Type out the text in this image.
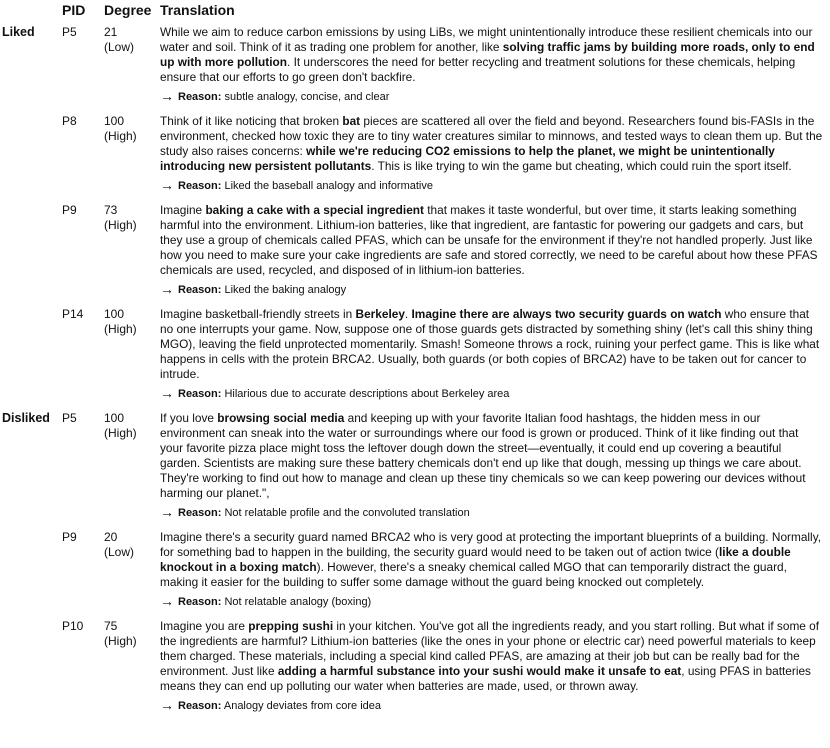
PID Degree Translation
Liked P5 21
(Low)
While we aim to reduce carbon emissions by using LiBs, we might unintentionally introduce these resilient chemicals into our water and soil. Think of it as trading one problem for another, like solving traffic jams by building more roads, only to end up with more pollution. It underscores the need for better recycling and treatment solutions for these chemicals, helping ensure that our efforts to go green don't backfire.
→ Reason: subtle analogy, concise, and clear
P8 100
(High)
Think of it like noticing that broken bat pieces are scattered all over the field and beyond. Researchers found bis-FASIs in the environment, checked how toxic they are to tiny water creatures similar to minnows, and tested ways to clean them up. But the study also raises concerns: while we're reducing CO2 emissions to help the planet, we might be unintentionally introducing new persistent pollutants. This is like trying to win the game but cheating, which could ruin the sport itself.
→ Reason: Liked the baseball analogy and informative
P9 73
(High)
Imagine baking a cake with a special ingredient that makes it taste wonderful, but over time, it starts leaking something harmful into the environment. Lithium-ion batteries, like that ingredient, are fantastic for powering our gadgets and cars, but they use a group of chemicals called PFAS, which can be unsafe for the environment if they're not handled properly. Just like how you need to make sure your cake ingredients are safe and stored correctly, we need to be careful about how these PFAS chemicals are used, recycled, and disposed of in lithium-ion batteries.
→ Reason: Liked the baking analogy
P14 100
(High)
Imagine basketball-friendly streets in Berkeley. Imagine there are always two security guards on watch who ensure that no one interrupts your game. Now, suppose one of those guards gets distracted by something shiny (let's call this shiny thing MGO), leaving the field unprotected momentarily. Smash! Someone throws a rock, ruining your perfect game. This is like what happens in cells with the protein BRCA2. Usually, both guards (or both copies of BRCA2) have to be taken out for cancer to intrude.
→ Reason: Hilarious due to accurate descriptions about Berkeley area
Disliked P5 100
(High)
If you love browsing social media and keeping up with your favorite Italian food hashtags, the hidden mess in our environment can sneak into the water or surroundings where our food is grown or produced. Think of it like finding out that your favorite pizza place might toss the leftover dough down the street—eventually, it could end up covering a beautiful garden. Scientists are making sure these battery chemicals don't end up like that dough, messing up things we care about. They're working to find out how to manage and clean up these tiny chemicals so we can keep powering our devices without harming our planet.",
→ Reason: Not relatable profile and the convoluted translation
P9 20
(Low)
Imagine there's a security guard named BRCA2 who is very good at protecting the important blueprints of a building. Normally, for something bad to happen in the building, the security guard would need to be taken out of action twice (like a double knockout in a boxing match). However, there's a sneaky chemical called MGO that can temporarily distract the guard, making it easier for the building to suffer some damage without the guard being knocked out completely.
→ Reason: Not relatable analogy (boxing)
P10 75
(High)
Imagine you are prepping sushi in your kitchen. You've got all the ingredients ready, and you start rolling. But what if some of the ingredients are harmful? Lithium-ion batteries (like the ones in your phone or electric car) need powerful materials to keep them charged. These materials, including a special kind called PFAS, are amazing at their job but can be really bad for the environment. Just like adding a harmful substance into your sushi would make it unsafe to eat, using PFAS in batteries means they can end up polluting our water when batteries are made, used, or thrown away.
→ Reason: Analogy deviates from core idea
